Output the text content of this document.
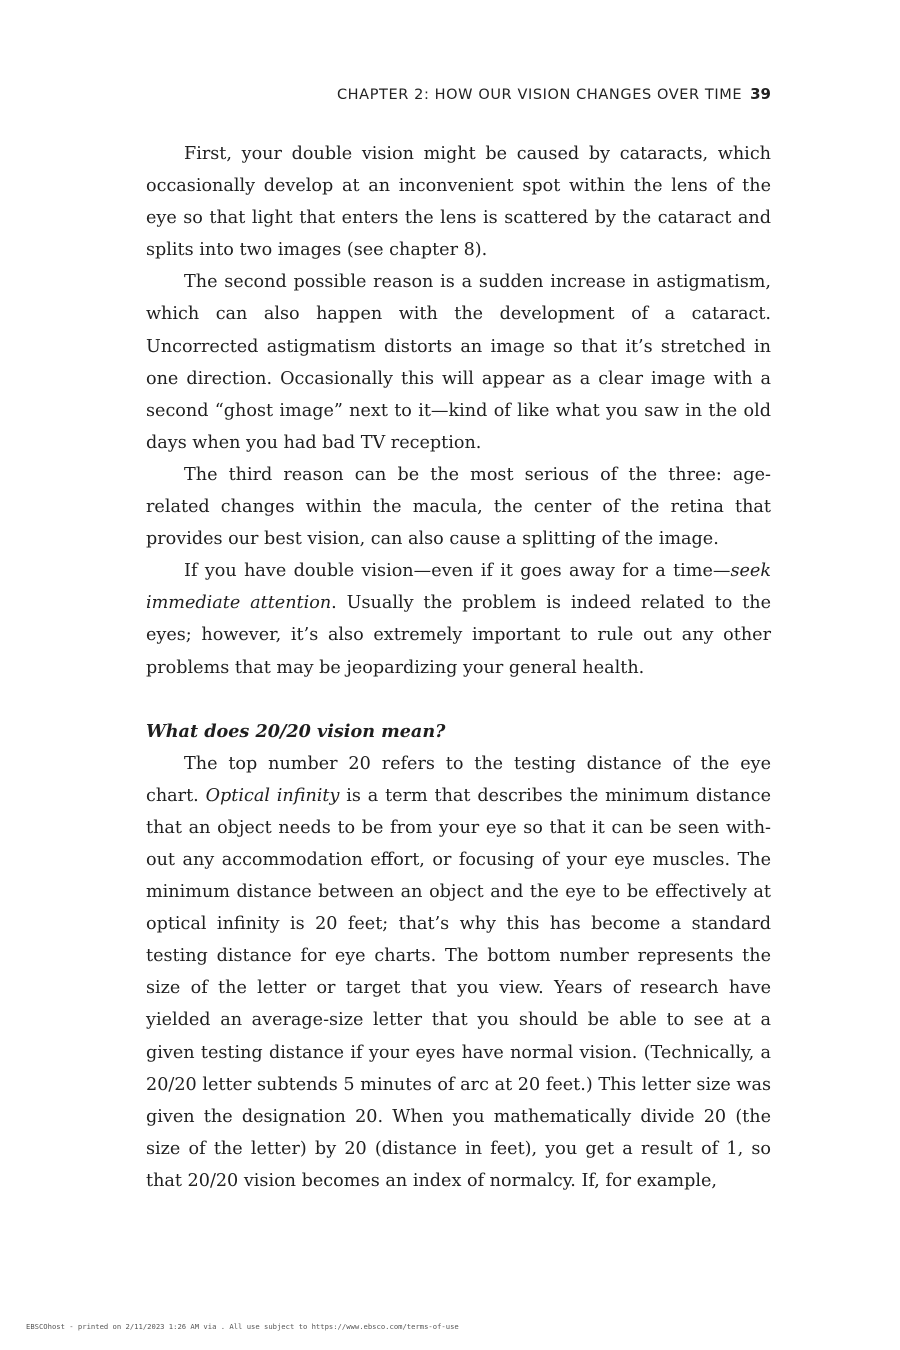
CHAPTER 2: HOW OUR VISION CHANGES OVER TIME 39

First, your double vision might be caused by cataracts, which occasionally develop at an inconvenient spot within the lens of the eye so that light that enters the lens is scattered by the cataract and splits into two images (see chapter 8).

The second possible reason is a sudden increase in astigmatism, which can also happen with the development of a cataract. Uncorrected astigmatism distorts an image so that it’s stretched in one direction. Occasionally this will appear as a clear image with a second “ghost image” next to it—kind of like what you saw in the old days when you had bad TV reception.

The third reason can be the most serious of the three: age-related changes within the macula, the center of the retina that provides our best vision, can also cause a splitting of the image.

If you have double vision—even if it goes away for a time—seek immediate attention. Usually the problem is indeed related to the eyes; however, it’s also extremely important to rule out any other problems that may be jeopardizing your general health.

What does 20/20 vision mean?

The top number 20 refers to the testing distance of the eye chart. Optical infinity is a term that describes the minimum distance that an object needs to be from your eye so that it can be seen without any accommodation effort, or focusing of your eye muscles. The minimum distance between an object and the eye to be effectively at optical infinity is 20 feet; that’s why this has become a standard testing distance for eye charts. The bottom number represents the size of the letter or target that you view. Years of research have yielded an average-size letter that you should be able to see at a given testing distance if your eyes have normal vision. (Technically, a 20/20 letter subtends 5 minutes of arc at 20 feet.) This letter size was given the designation 20. When you mathematically divide 20 (the size of the letter) by 20 (distance in feet), you get a result of 1, so that 20/20 vision becomes an index of normalcy. If, for example,

EBSCOhost - printed on 2/11/2023 1:26 AM via . All use subject to https://www.ebsco.com/terms-of-use
